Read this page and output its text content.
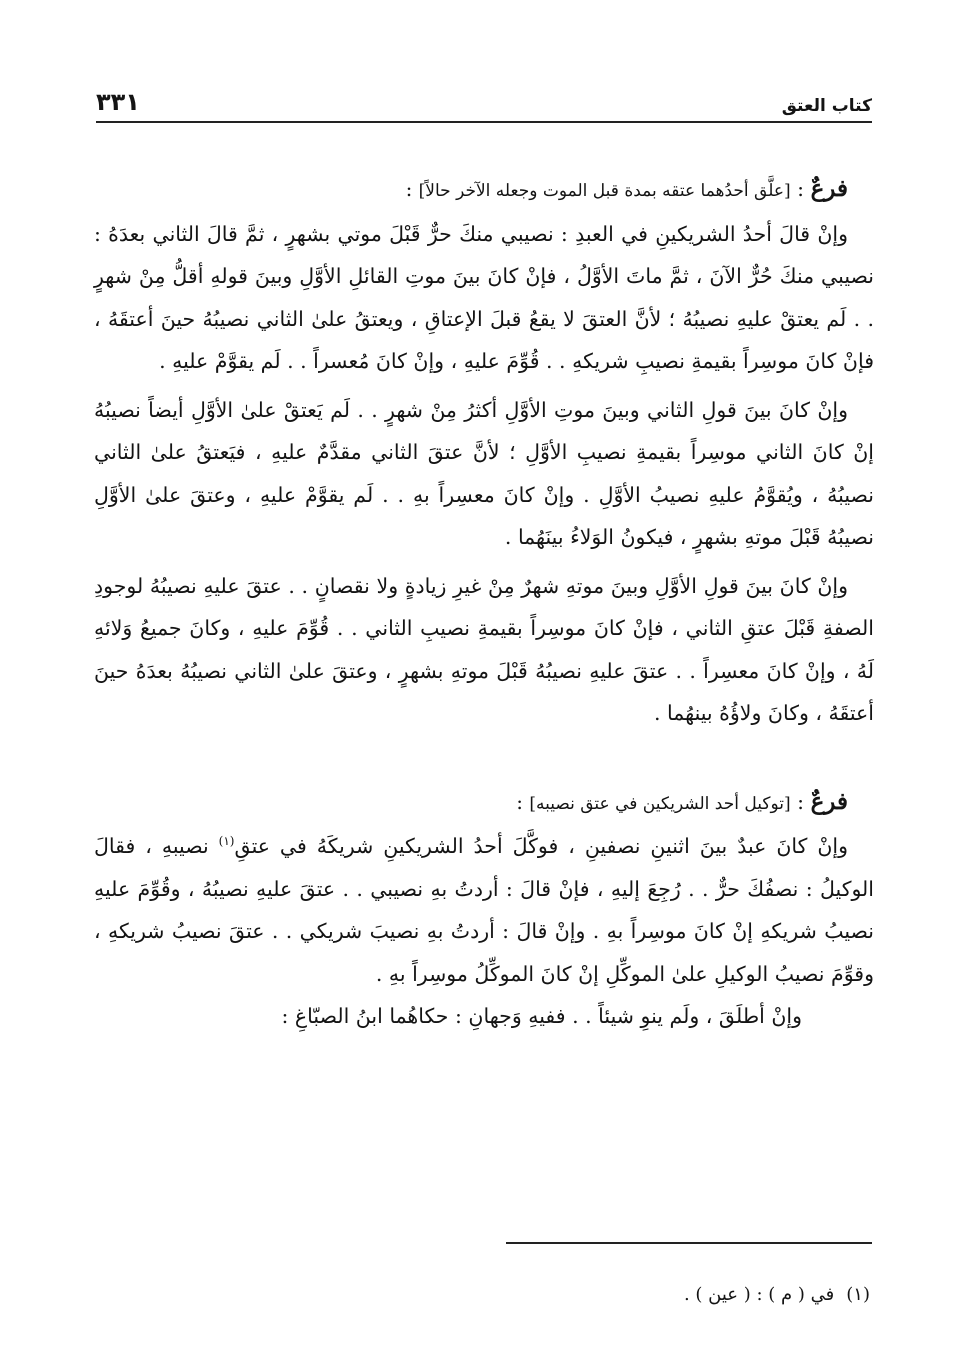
كتاب العتق
٣٣١

فرعٌ : [علَّق أحدُهما عتقه بمدة قبل الموت وجعله الآخر حالاً] :

وإنْ قالَ أحدُ الشريكينِ في العبدِ : نصيبي منكَ حرٌّ قَبْلَ موتي بشهرٍ ، ثمَّ قالَ الثاني بعدَهُ : نصيبي منكَ حُرٌّ الآنَ ، ثمَّ ماتَ الأوَّلُ ، فإنْ كانَ بينَ موتِ القائلِ الأوَّلِ وبينَ قولهِ أقلُّ مِنْ شهرٍ . . لَم يعتقْ عليهِ نصيبُهُ ؛ لأنَّ العتقَ لا يقعُ قبلَ الإعتاقِ ، ويعتقُ علىٰ الثاني نصيبُهُ حينَ أعتقَهُ ، فإنْ كانَ موسِراً بقيمةِ نصيبِ شريكهِ . . قُوِّمَ عليهِ ، وإنْ كانَ مُعسراً . . لَم يقوَّمْ عليهِ .

وإنْ كانَ بينَ قولِ الثاني وبينَ موتِ الأوَّلِ أكثرُ مِنْ شهرٍ . . لَم يَعتقْ علىٰ الأوَّلِ أيضاً نصيبُهُ إنْ كانَ الثاني موسِراً بقيمةِ نصيبِ الأوَّلِ ؛ لأنَّ عتقَ الثاني مقدَّمٌ عليهِ ، فيَعتقُ علىٰ الثاني نصيبُهُ ، ويُقوَّمُ عليهِ نصيبُ الأوَّلِ . وإنْ كانَ معسِراً بهِ . . لَم يقوَّمْ عليهِ ، وعتقَ علىٰ الأوَّلِ نصيبُهُ قَبْلَ موتهِ بشهرٍ ، فيكونُ الوَلاءُ بينَهُما .

وإنْ كانَ بينَ قولِ الأوَّلِ وبينَ موتهِ شهرٌ مِنْ غيرِ زيادةٍ ولا نقصانٍ . . عتقَ عليهِ نصيبُهُ لوجودِ الصفةِ قَبْلَ عتقِ الثاني ، فإنْ كانَ موسِراً بقيمةِ نصيبِ الثاني . . قُوِّمَ عليهِ ، وكانَ جميعُ وَلائهِ لَهُ ، وإنْ كانَ معسِراً . . عتقَ عليهِ نصيبُهُ قَبْلَ موتهِ بشهرٍ ، وعتقَ علىٰ الثاني نصيبُهُ بعدَهُ حينَ أعتقَهُ ، وكانَ ولاؤُهُ بينهُما .

فرعٌ : [توكيل أحد الشريكين في عتق نصيبه] :

وإنْ كانَ عبدٌ بينَ اثنينِ نصفينِ ، فوكَّلَ أحدُ الشريكينِ شريكَهُ في عتقِ$^{(١)}$ نصيبهِ ، فقالَ الوكيلُ : نصفُكَ حرٌّ . . رُجِعَ إليهِ ، فإنْ قالَ : أردتُ بهِ نصيبي . . عتقَ عليهِ نصيبُهُ ، وقُوِّمَ عليهِ نصيبُ شريكهِ إنْ كانَ موسِراً بهِ . وإنْ قالَ : أردتُ بهِ نصيبَ شريكي . . عتقَ نصيبُ شريكهِ ، وقوِّمَ نصيبُ الوكيلِ علىٰ الموكِّلِ إنْ كانَ الموكِّلُ موسِراً بهِ .

وإنْ أطلَقَ ، ولَم ينوِ شيئاً . . ففيهِ وَجهانِ : حكاهُما ابنُ الصبّاغِ :

(١)في ( م ) : ( عين ) .
